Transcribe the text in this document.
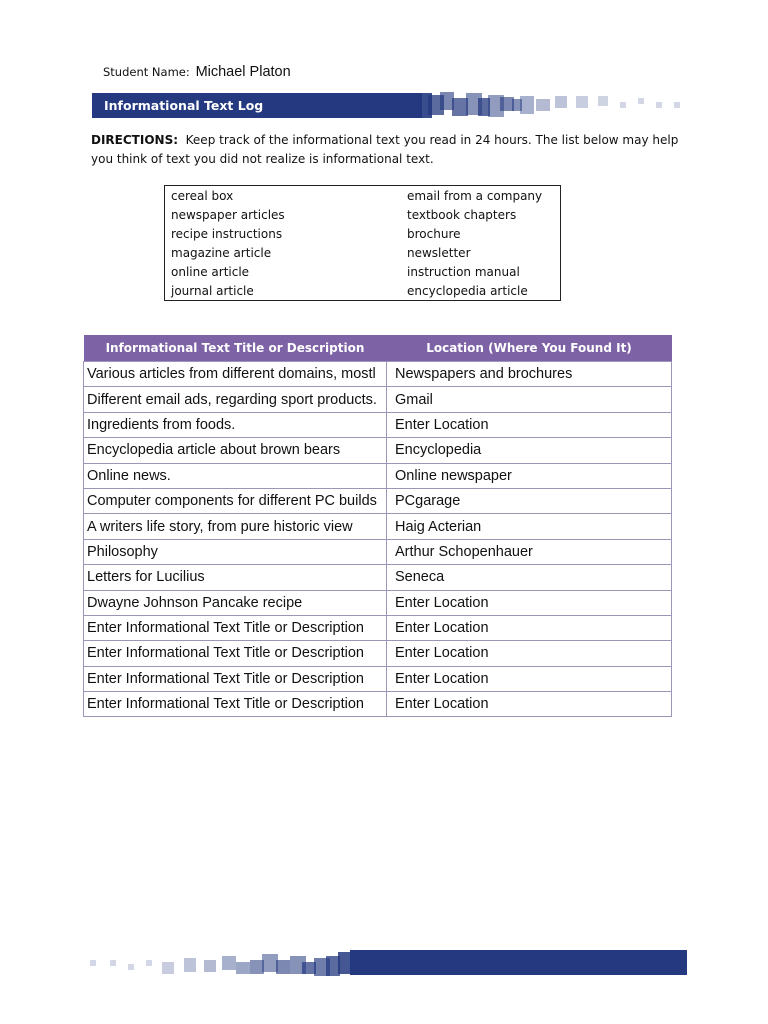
Student Name: Michael Platon
Informational Text Log
DIRECTIONS: Keep track of the informational text you read in 24 hours. The list below may help you think of text you did not realize is informational text.
cereal box
newspaper articles
recipe instructions
magazine article
online article
journal article
email from a company
textbook chapters
brochure
newsletter
instruction manual
encyclopedia article
Informational Text Title or Description	Location (Where You Found It)
Various articles from different domains, mostl	Newspapers and brochures
Different email ads, regarding sport products.	Gmail
Ingredients from foods.	Enter Location
Encyclopedia article about brown bears	Encyclopedia
Online news.	Online newspaper
Computer components for different PC builds	PCgarage
A writers life story, from pure historic view	Haig Acterian
Philosophy	Arthur Schopenhauer
Letters for Lucilius	Seneca
Dwayne Johnson Pancake recipe	Enter Location
Enter Informational Text Title or Description	Enter Location
Enter Informational Text Title or Description	Enter Location
Enter Informational Text Title or Description	Enter Location
Enter Informational Text Title or Description	Enter Location
